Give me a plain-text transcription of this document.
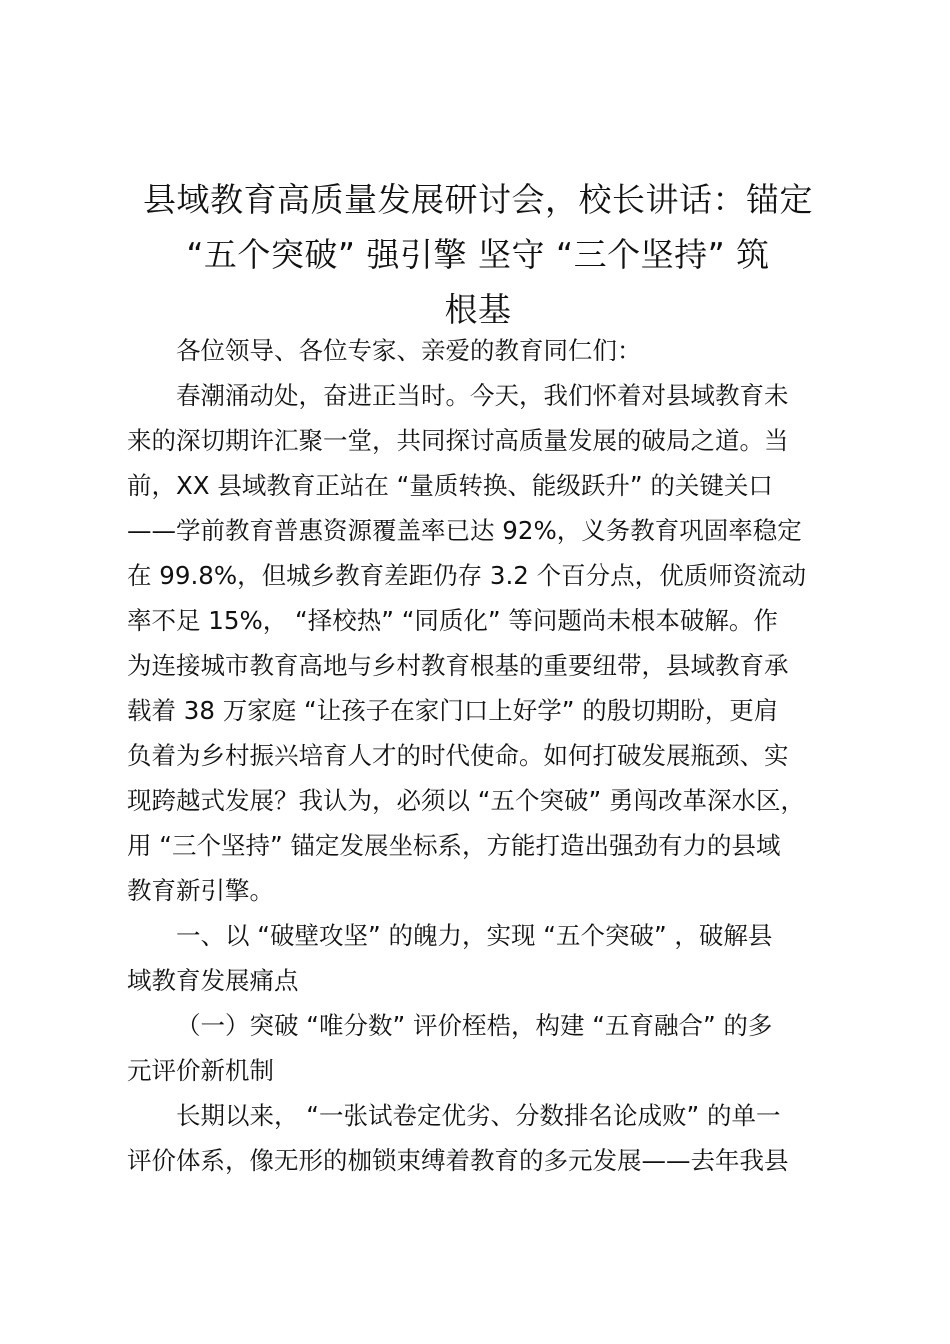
县域教育高质量发展研讨会，校长讲话：锚定
“五个突破” 强引擎 坚守 “三个坚持” 筑
根基
各位领导、各位专家、亲爱的教育同仁们：
春潮涌动处，奋进正当时。今天，我们怀着对县域教育未
来的深切期许汇聚一堂，共同探讨高质量发展的破局之道。当
前，XX 县域教育正站在 “量质转换、能级跃升” 的关键关口
——学前教育普惠资源覆盖率已达 92%，义务教育巩固率稳定
在 99.8%，但城乡教育差距仍存 3.2 个百分点，优质师资流动
率不足 15%， “择校热” “同质化” 等问题尚未根本破解。作
为连接城市教育高地与乡村教育根基的重要纽带，县域教育承
载着 38 万家庭 “让孩子在家门口上好学” 的殷切期盼，更肩
负着为乡村振兴培育人才的时代使命。如何打破发展瓶颈、实
现跨越式发展？我认为，必须以 “五个突破” 勇闯改革深水区，
用 “三个坚持” 锚定发展坐标系，方能打造出强劲有力的县域
教育新引擎。
一、以 “破壁攻坚” 的魄力，实现 “五个突破” ，破解县
域教育发展痛点
（一）突破 “唯分数” 评价桎梏，构建 “五育融合” 的多
元评价新机制
长期以来， “一张试卷定优劣、分数排名论成败” 的单一
评价体系，像无形的枷锁束缚着教育的多元发展——去年我县
